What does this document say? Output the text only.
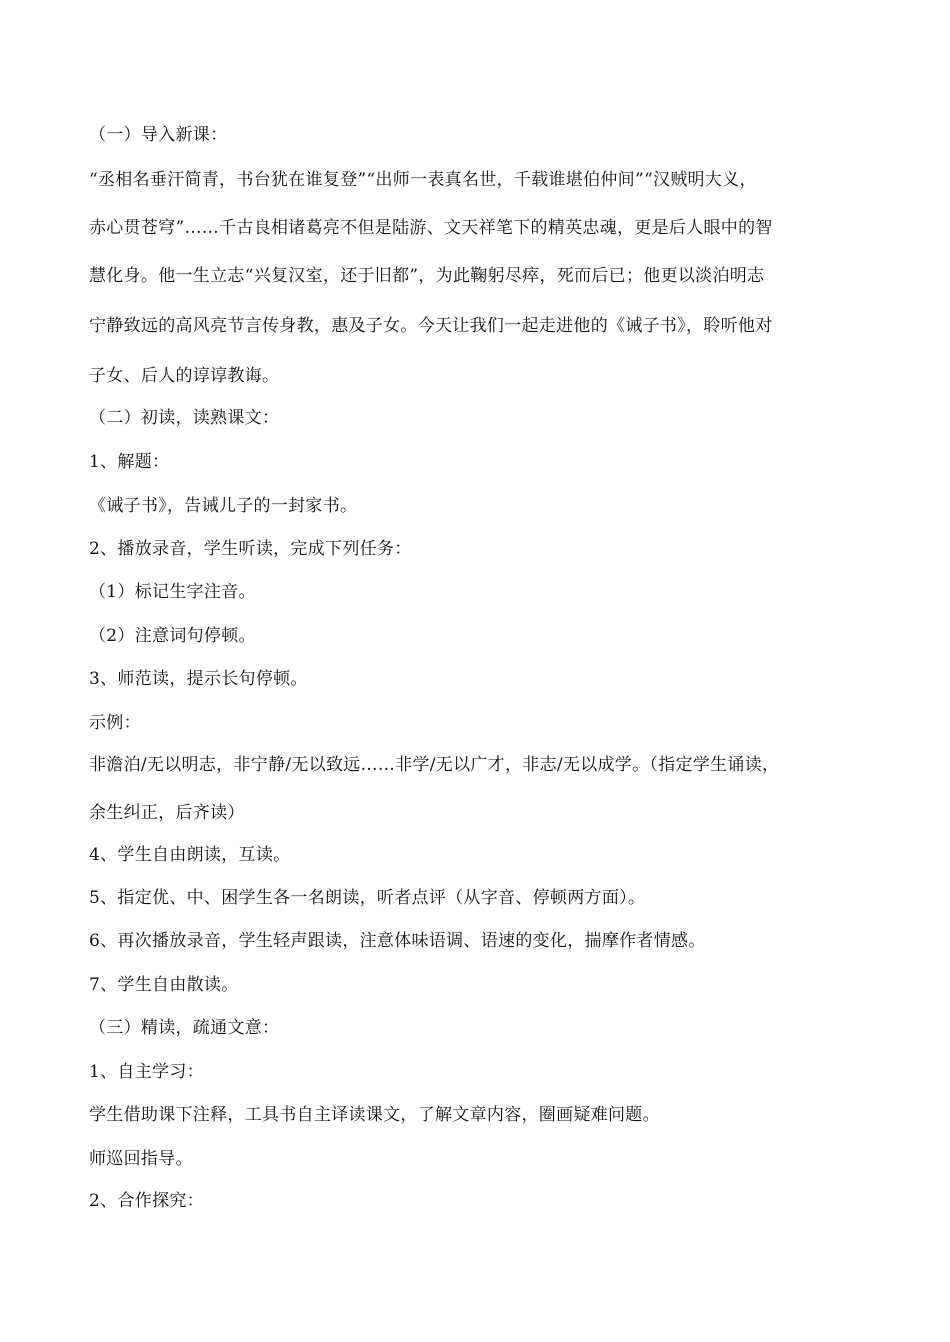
（一）导入新课：
“丞相名垂汗简青，书台犹在谁复登”“出师一表真名世，千载谁堪伯仲间”“汉贼明大义，
赤心贯苍穹”……千古良相诸葛亮不但是陆游、文天祥笔下的精英忠魂，更是后人眼中的智
慧化身。他一生立志“兴复汉室，还于旧都”，为此鞠躬尽瘁，死而后已；他更以淡泊明志
宁静致远的高风亮节言传身教，惠及子女。今天让我们一起走进他的《诫子书》，聆听他对
子女、后人的谆谆教诲。
（二）初读，读熟课文：
1、解题：
《诫子书》，告诫儿子的一封家书。
2、播放录音，学生听读，完成下列任务：
（1）标记生字注音。
（2）注意词句停顿。
3、师范读，提示长句停顿。
示例：
非澹泊/无以明志，非宁静/无以致远……非学/无以广才，非志/无以成学。（指定学生诵读，
余生纠正，后齐读）
4、学生自由朗读，互读。
5、指定优、中、困学生各一名朗读，听者点评（从字音、停顿两方面）。
6、再次播放录音，学生轻声跟读，注意体味语调、语速的变化，揣摩作者情感。
7、学生自由散读。
（三）精读，疏通文意：
1、自主学习：
学生借助课下注释，工具书自主译读课文，了解文章内容，圈画疑难问题。
师巡回指导。
2、合作探究：
